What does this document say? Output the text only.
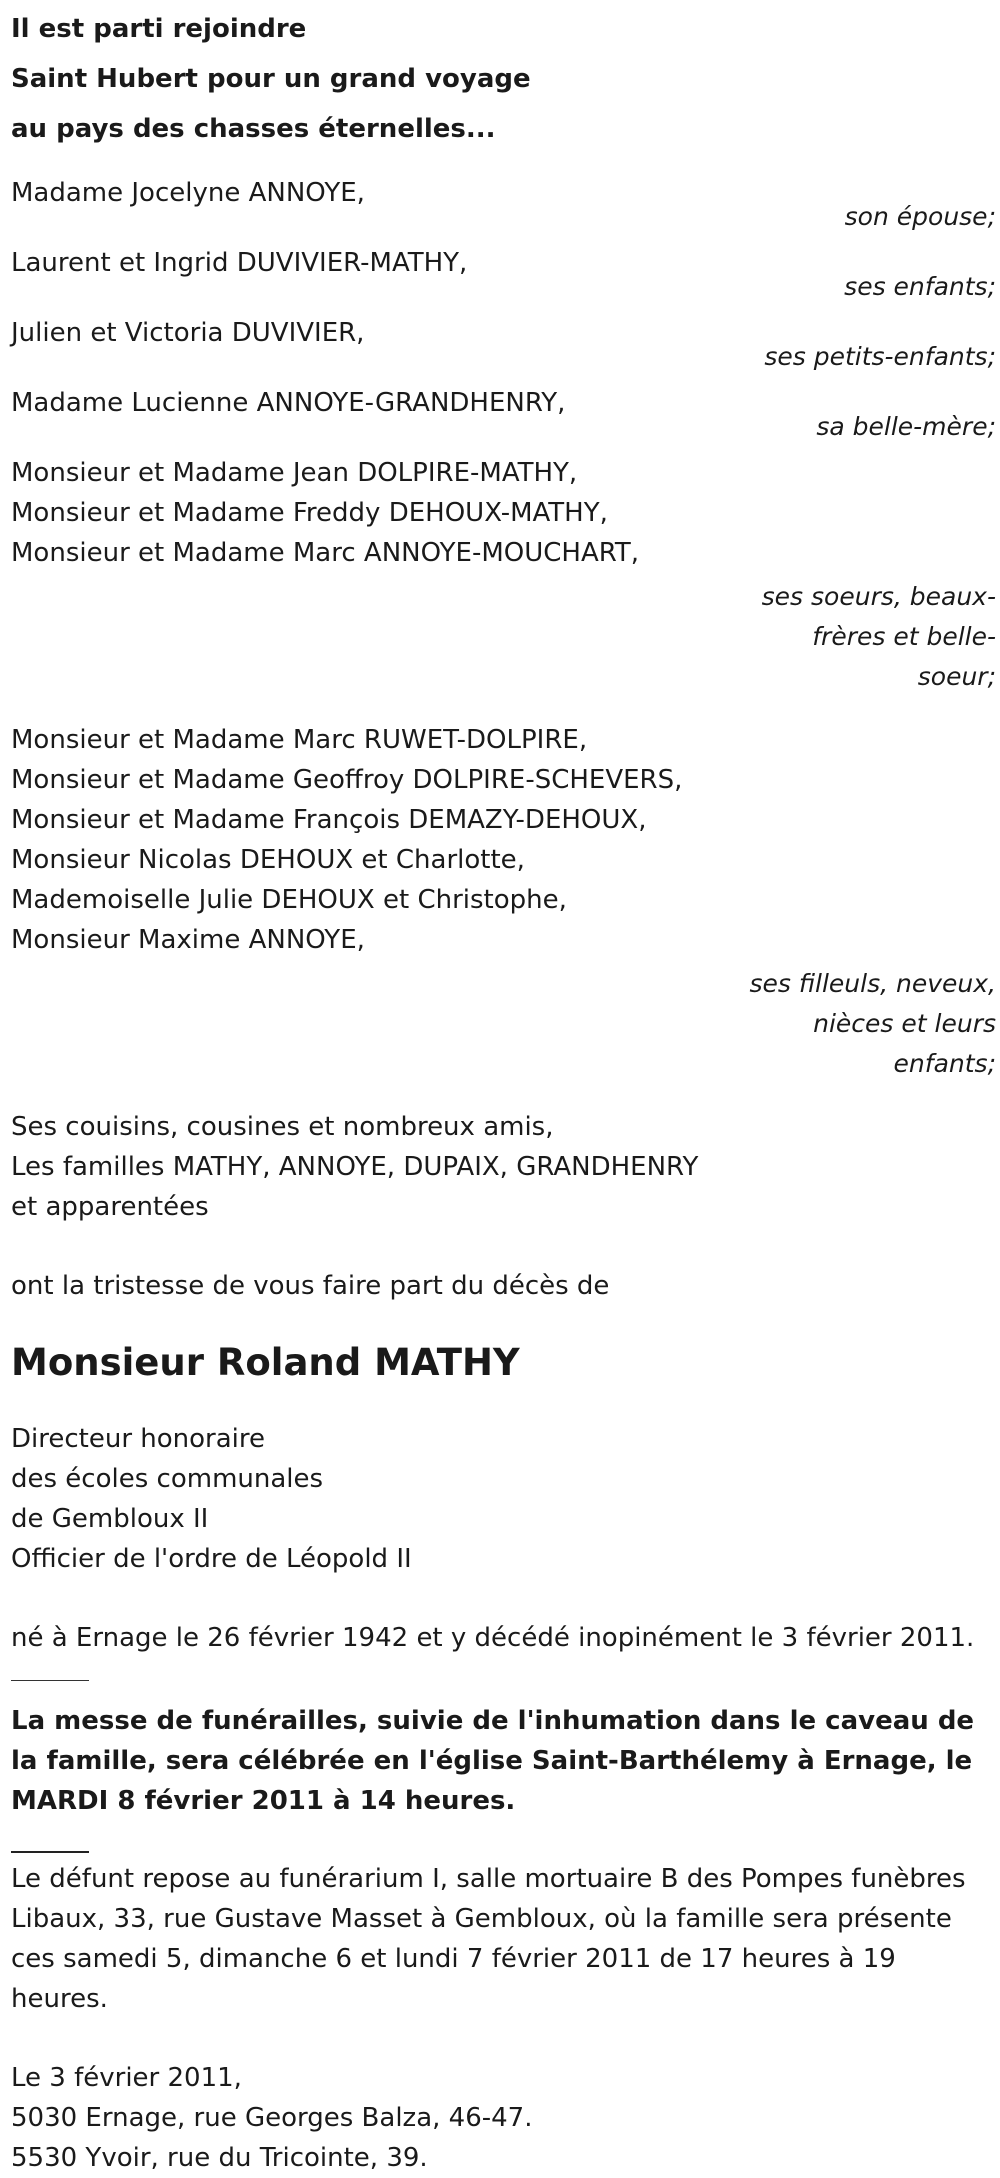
Il est parti rejoindre
Saint Hubert pour un grand voyage
au pays des chasses éternelles...
Madame Jocelyne ANNOYE,
son épouse;
Laurent et Ingrid DUVIVIER-MATHY,
ses enfants;
Julien et Victoria DUVIVIER,
ses petits-enfants;
Madame Lucienne ANNOYE-GRANDHENRY,
sa belle-mère;
Monsieur et Madame Jean DOLPIRE-MATHY,
Monsieur et Madame Freddy DEHOUX-MATHY,
Monsieur et Madame Marc ANNOYE-MOUCHART,
ses soeurs, beaux-
frères et belle-
soeur;
Monsieur et Madame Marc RUWET-DOLPIRE,
Monsieur et Madame Geoffroy DOLPIRE-SCHEVERS,
Monsieur et Madame François DEMAZY-DEHOUX,
Monsieur Nicolas DEHOUX et Charlotte,
Mademoiselle Julie DEHOUX et Christophe,
Monsieur Maxime ANNOYE,
ses filleuls, neveux,
nièces et leurs
enfants;
Ses couisins, cousines et nombreux amis,
Les familles MATHY, ANNOYE, DUPAIX, GRANDHENRY
et apparentées
ont la tristesse de vous faire part du décès de
Monsieur Roland MATHY
Directeur honoraire
des écoles communales
de Gembloux II
Officier de l'ordre de Léopold II
né à Ernage le 26 février 1942 et y décédé inopinément le 3 février 2011.
La messe de funérailles, suivie de l'inhumation dans le caveau de la famille, sera célébrée en l'église Saint-Barthélemy à Ernage, le MARDI 8 février 2011 à 14 heures.
Le défunt repose au funérarium I, salle mortuaire B des Pompes funèbres Libaux, 33, rue Gustave Masset à Gembloux, où la famille sera présente ces samedi 5, dimanche 6 et lundi 7 février 2011 de 17 heures à 19 heures.
Le 3 février 2011,
5030 Ernage, rue Georges Balza, 46-47.
5530 Yvoir, rue du Tricointe, 39.
